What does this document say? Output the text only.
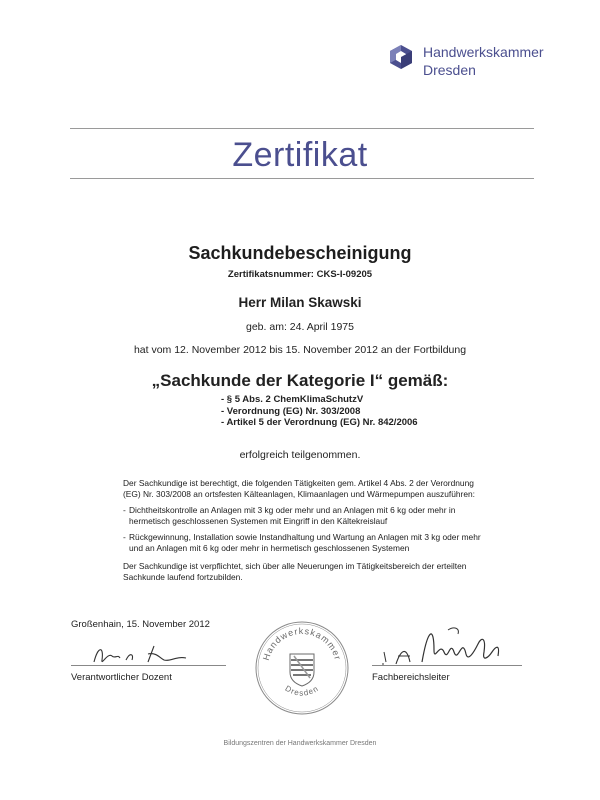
Handwerkskammer
Dresden
Zertifikat
Sachkundebescheinigung
Zertifikatsnummer: CKS-I-09205
Herr Milan Skawski
geb. am: 24. April 1975
hat vom 12. November 2012 bis 15. November 2012 an der Fortbildung
„Sachkunde der Kategorie I“ gemäß:
- § 5 Abs. 2 ChemKlimaSchutzV
- Verordnung (EG) Nr. 303/2008
- Artikel 5 der Verordnung (EG) Nr. 842/2006
erfolgreich teilgenommen.
Der Sachkundige ist berechtigt, die folgenden Tätigkeiten gem. Artikel 4 Abs. 2 der Verordnung (EG) Nr. 303/2008 an ortsfesten Kälteanlagen, Klimaanlagen und Wärmepumpen auszuführen:
- Dichtheitskontrolle an Anlagen mit 3 kg oder mehr und an Anlagen mit 6 kg oder mehr in hermetisch geschlossenen Systemen mit Eingriff in den Kältekreislauf
- Rückgewinnung, Installation sowie Instandhaltung und Wartung an Anlagen mit 3 kg oder mehr und an Anlagen mit 6 kg oder mehr in hermetisch geschlossenen Systemen
Der Sachkundige ist verpflichtet, sich über alle Neuerungen im Tätigkeitsbereich der erteilten Sachkunde laufend fortzubilden.
Großenhain, 15. November 2012
Verantwortlicher Dozent
Handwerkskammer
Dresden
Fachbereichsleiter
Bildungszentren der Handwerkskammer Dresden
